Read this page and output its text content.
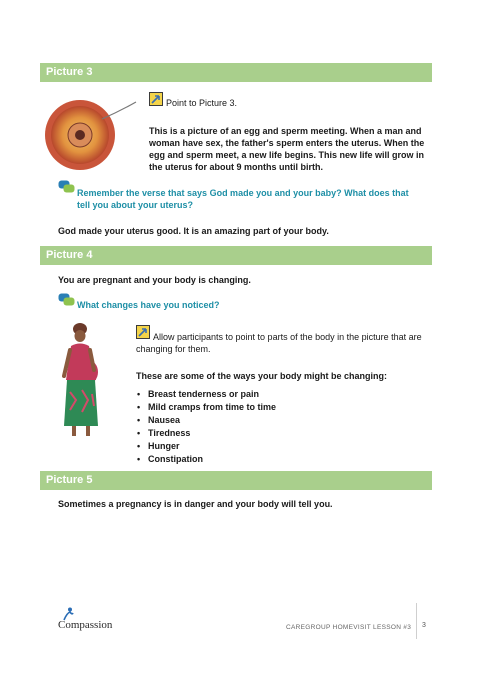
Picture 3
Point to Picture 3.
This is a picture of an egg and sperm meeting. When a man and woman have sex, the father's sperm enters the uterus. When the egg and sperm meet, a new life begins. This new life will grow in the uterus for about 9 months until birth.
Remember the verse that says God made you and your baby? What does that tell you about your uterus?
God made your uterus good. It is an amazing part of your body.
Picture 4
You are pregnant and your body is changing.
What changes have you noticed?
Allow participants to point to parts of the body in the picture that are changing for them.
These are some of the ways your body might be changing:
• Breast tenderness or pain
• Mild cramps from time to time
• Nausea
• Tiredness
• Hunger
• Constipation
Picture 5
Sometimes a pregnancy is in danger and your body will tell you.
Compassion	CAREGROUP HOMEVISIT LESSON #3 3
